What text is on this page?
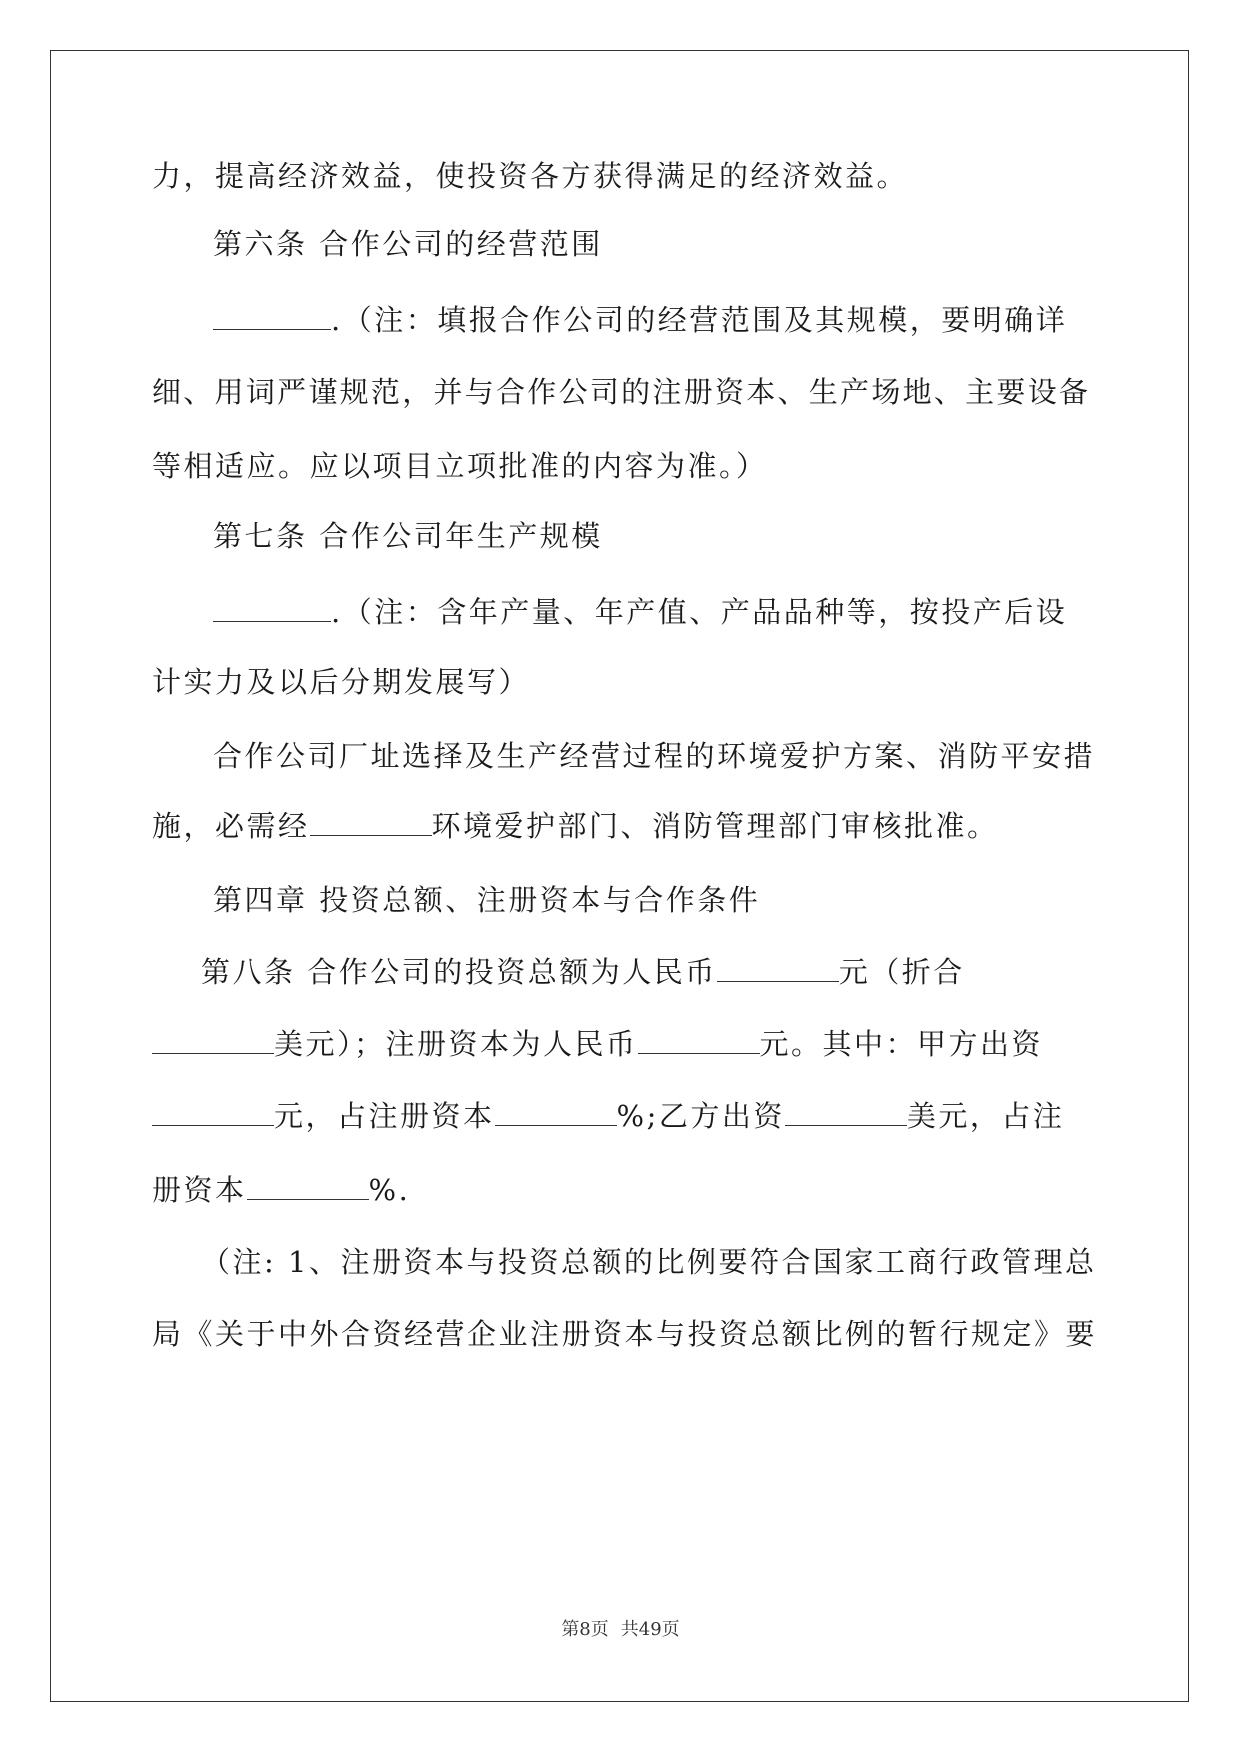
力，提高经济效益，使投资各方获得满足的经济效益。
第六条 合作公司的经营范围
.（注：填报合作公司的经营范围及其规模，要明确详
细、用词严谨规范，并与合作公司的注册资本、生产场地、主要设备
等相适应。应以项目立项批准的内容为准。）
第七条 合作公司年生产规模
.（注：含年产量、年产值、产品品种等，按投产后设
计实力及以后分期发展写）
合作公司厂址选择及生产经营过程的环境爱护方案、消防平安措
施，必需经	环境爱护部门、消防管理部门审核批准。
第四章 投资总额、注册资本与合作条件
第八条 合作公司的投资总额为人民币	元（折合
美元）；注册资本为人民币	元。其中：甲方出资
元，占注册资本	%;乙方出资	美元，占注
册资本	%.
（注: 1、注册资本与投资总额的比例要符合国家工商行政管理总
局《关于中外合资经营企业注册资本与投资总额比例的暂行规定》要
第8页 共49页
